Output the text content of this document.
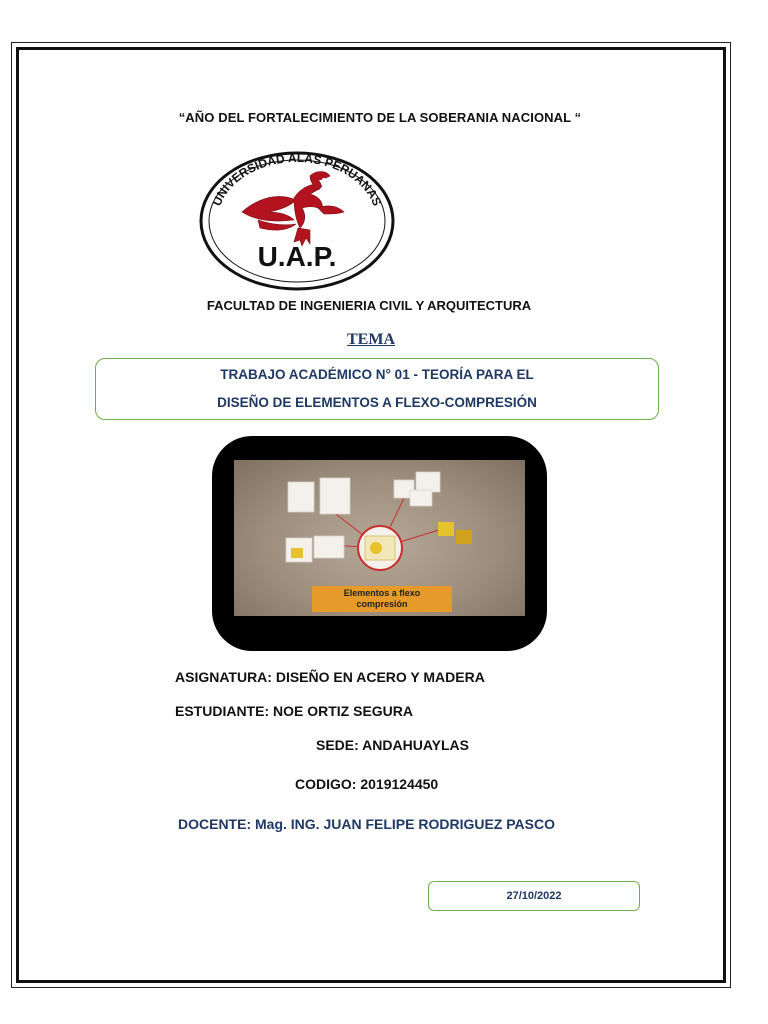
“AÑO DEL FORTALECIMIENTO DE LA SOBERANIA NACIONAL “
UNIVERSIDAD ALAS PERUANAS
U.A.P.
FACULTAD DE INGENIERIA CIVIL Y ARQUITECTURA
TEMA
TRABAJO ACADÉMICO N° 01 - TEORÍA PARA EL
DISEÑO DE ELEMENTOS A FLEXO-COMPRESIÓN
Elementos a flexo
compresión
ASIGNATURA: DISEÑO EN ACERO Y MADERA
ESTUDIANTE: NOE ORTIZ SEGURA
SEDE: ANDAHUAYLAS
CODIGO: 2019124450
DOCENTE: Mag. ING. JUAN FELIPE RODRIGUEZ PASCO
27/10/2022
